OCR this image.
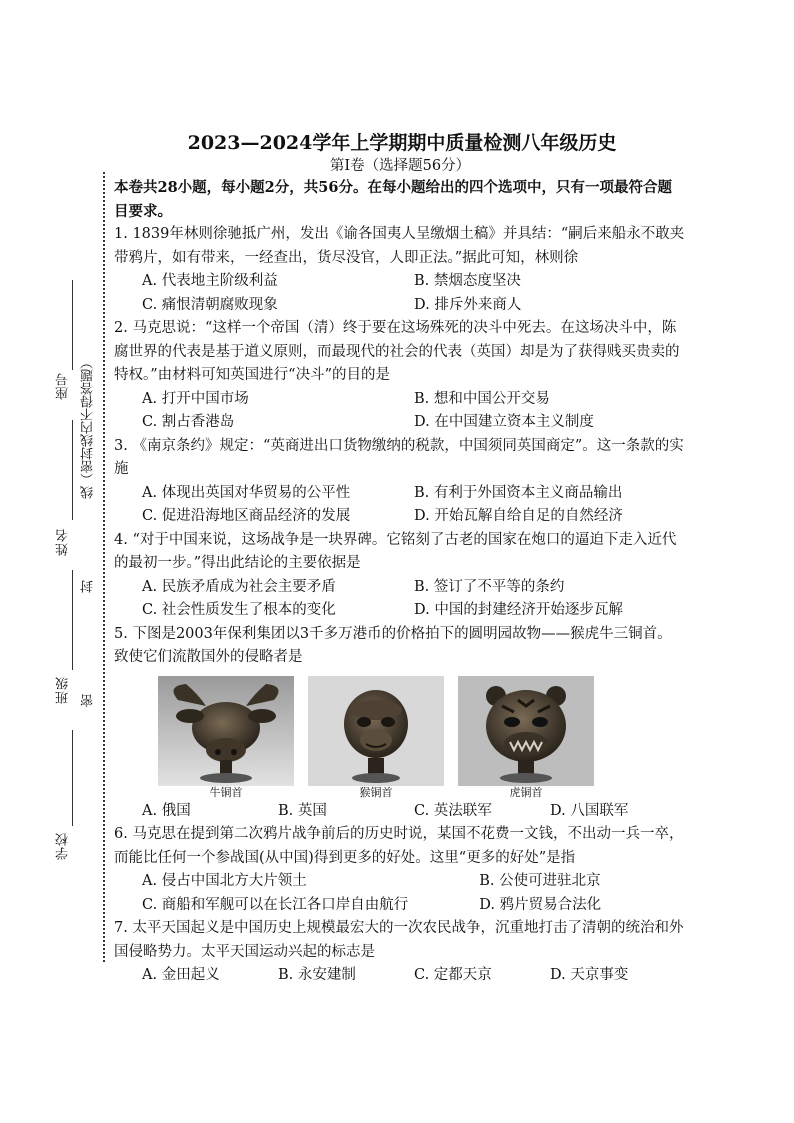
座号
姓名
班级
学校
线（密封线内不得答题）
封
密
2023—2024学年上学期期中质量检测八年级历史
第Ⅰ卷（选择题56分）
本卷共28小题，每小题2分，共56分。在每小题给出的四个选项中，只有一项最符合题目要求。
1. 1839年林则徐驰抵广州，发出《谕各国夷人呈缴烟土稿》并具结：“嗣后来船永不敢夹带鸦片，如有带来，一经查出，货尽没官，人即正法。”据此可知，林则徐
A. 代表地主阶级利益	B. 禁烟态度坚决
C. 痛恨清朝腐败现象	D. 排斥外来商人
2. 马克思说：“这样一个帝国（清）终于要在这场殊死的决斗中死去。在这场决斗中，陈腐世界的代表是基于道义原则，而最现代的社会的代表（英国）却是为了获得贱买贵卖的特权。”由材料可知英国进行“决斗”的目的是
A. 打开中国市场	B. 想和中国公开交易
C. 割占香港岛	D. 在中国建立资本主义制度
3. 《南京条约》规定：“英商进出口货物缴纳的税款，中国须同英国商定”。这一条款的实施
A. 体现出英国对华贸易的公平性	B. 有利于外国资本主义商品输出
C. 促进沿海地区商品经济的发展	D. 开始瓦解自给自足的自然经济
4. “对于中国来说，这场战争是一块界碑。它铭刻了古老的国家在炮口的逼迫下走入近代的最初一步。”得出此结论的主要依据是
A. 民族矛盾成为社会主要矛盾	B. 签订了不平等的条约
C. 社会性质发生了根本的变化	D. 中国的封建经济开始逐步瓦解
5. 下图是2003年保利集团以3千多万港币的价格拍下的圆明园故物——猴虎牛三铜首。致使它们流散国外的侵略者是
牛铜首	猴铜首	虎铜首
A. 俄国	B. 英国	C. 英法联军	D. 八国联军
6. 马克思在提到第二次鸦片战争前后的历史时说，某国不花费一文钱，不出动一兵一卒，而能比任何一个参战国(从中国)得到更多的好处。这里“更多的好处”是指
A. 侵占中国北方大片领土	B. 公使可进驻北京
C. 商船和军舰可以在长江各口岸自由航行	D. 鸦片贸易合法化
7. 太平天国起义是中国历史上规模最宏大的一次农民战争，沉重地打击了清朝的统治和外国侵略势力。太平天国运动兴起的标志是
A. 金田起义	B. 永安建制	C. 定都天京	D. 天京事变
